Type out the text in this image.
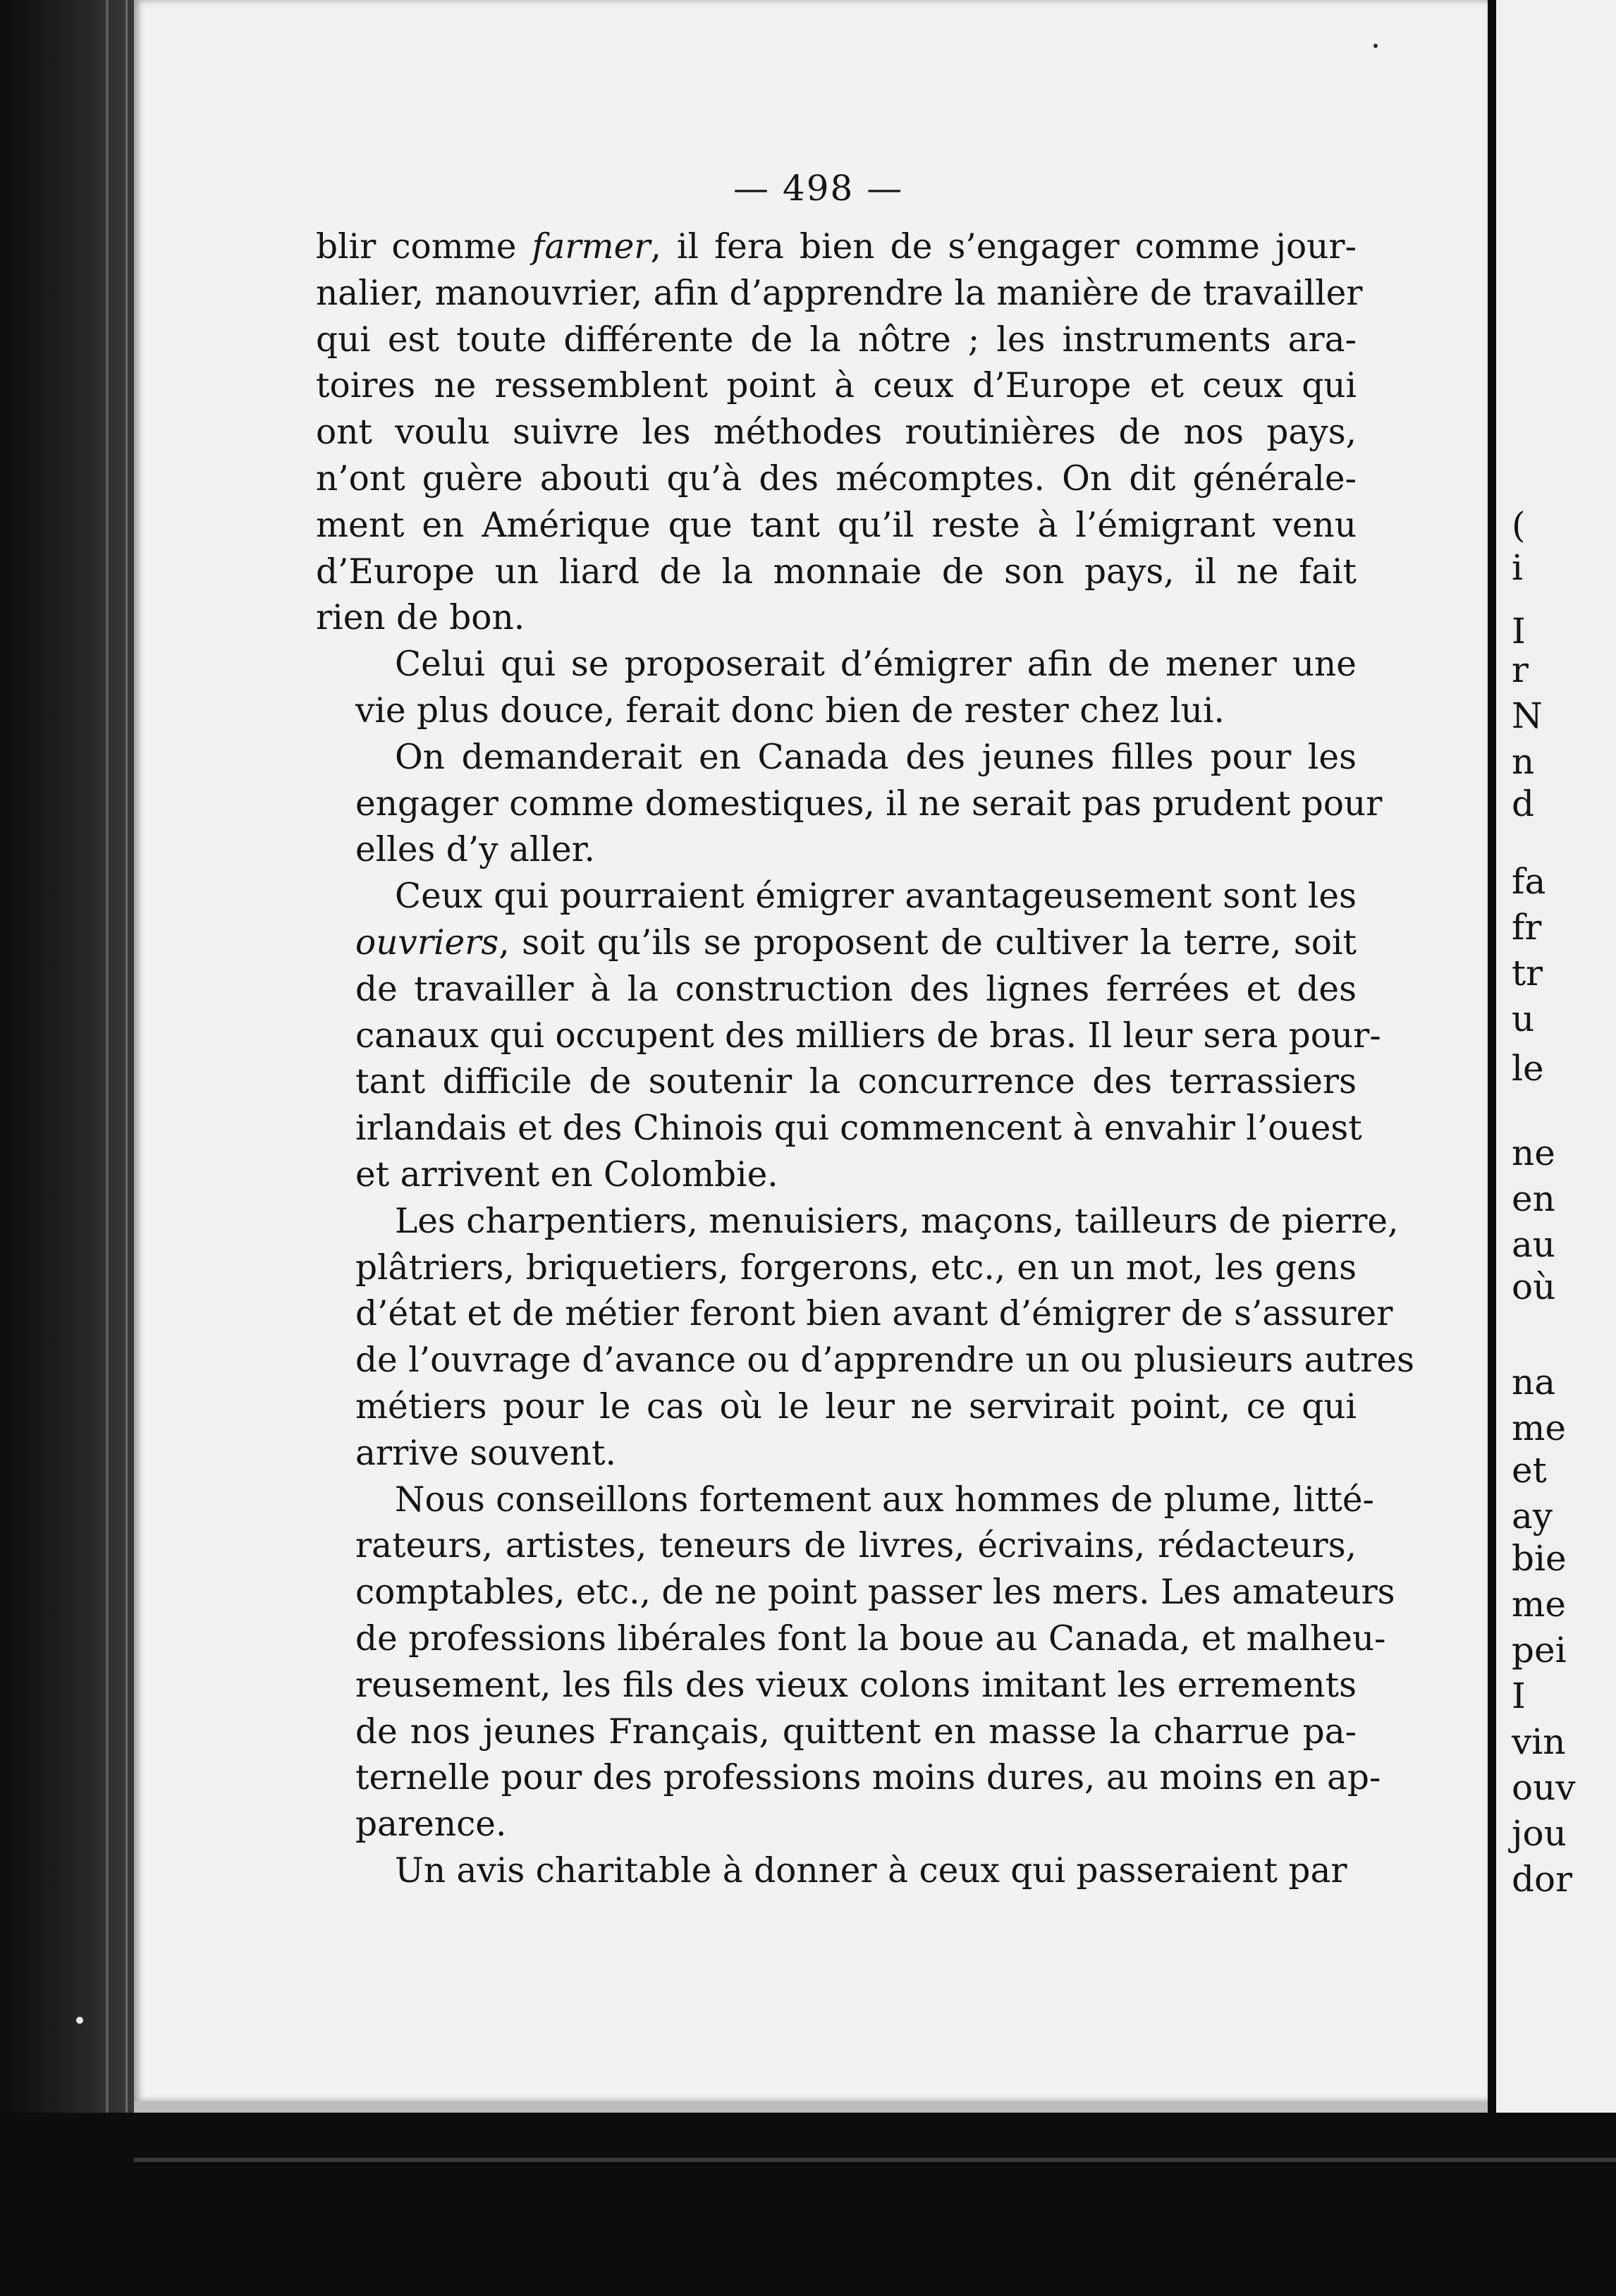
— 498 —
blir comme farmer, il fera bien de s’engager comme jour-
nalier, manouvrier, afin d’apprendre la manière de travailler
qui est toute différente de la nôtre ; les instruments ara-
toires ne ressemblent point à ceux d’Europe et ceux qui
ont voulu suivre les méthodes routinières de nos pays,
n’ont guère abouti qu’à des mécomptes. On dit générale-
ment en Amérique que tant qu’il reste à l’émigrant venu
d’Europe un liard de la monnaie de son pays, il ne fait
rien de bon.
Celui qui se proposerait d’émigrer afin de mener une
vie plus douce, ferait donc bien de rester chez lui.
On demanderait en Canada des jeunes filles pour les
engager comme domestiques, il ne serait pas prudent pour
elles d’y aller.
Ceux qui pourraient émigrer avantageusement sont les
ouvriers, soit qu’ils se proposent de cultiver la terre, soit
de travailler à la construction des lignes ferrées et des
canaux qui occupent des milliers de bras. Il leur sera pour-
tant difficile de soutenir la concurrence des terrassiers
irlandais et des Chinois qui commencent à envahir l’ouest
et arrivent en Colombie.
Les charpentiers, menuisiers, maçons, tailleurs de pierre,
plâtriers, briquetiers, forgerons, etc., en un mot, les gens
d’état et de métier feront bien avant d’émigrer de s’assurer
de l’ouvrage d’avance ou d’apprendre un ou plusieurs autres
métiers pour le cas où le leur ne servirait point, ce qui
arrive souvent.
Nous conseillons fortement aux hommes de plume, litté-
rateurs, artistes, teneurs de livres, écrivains, rédacteurs,
comptables, etc., de ne point passer les mers. Les amateurs
de professions libérales font la boue au Canada, et malheu-
reusement, les fils des vieux colons imitant les errements
de nos jeunes Français, quittent en masse la charrue pa-
ternelle pour des professions moins dures, au moins en ap-
parence.
Un avis charitable à donner à ceux qui passeraient par
(
i
I
r
N
n
d
fa
fr
tr
u
le
ne
en
au
où
na
me
et
ay
bie
me
pei
I
vin
ouv
jou
dor
